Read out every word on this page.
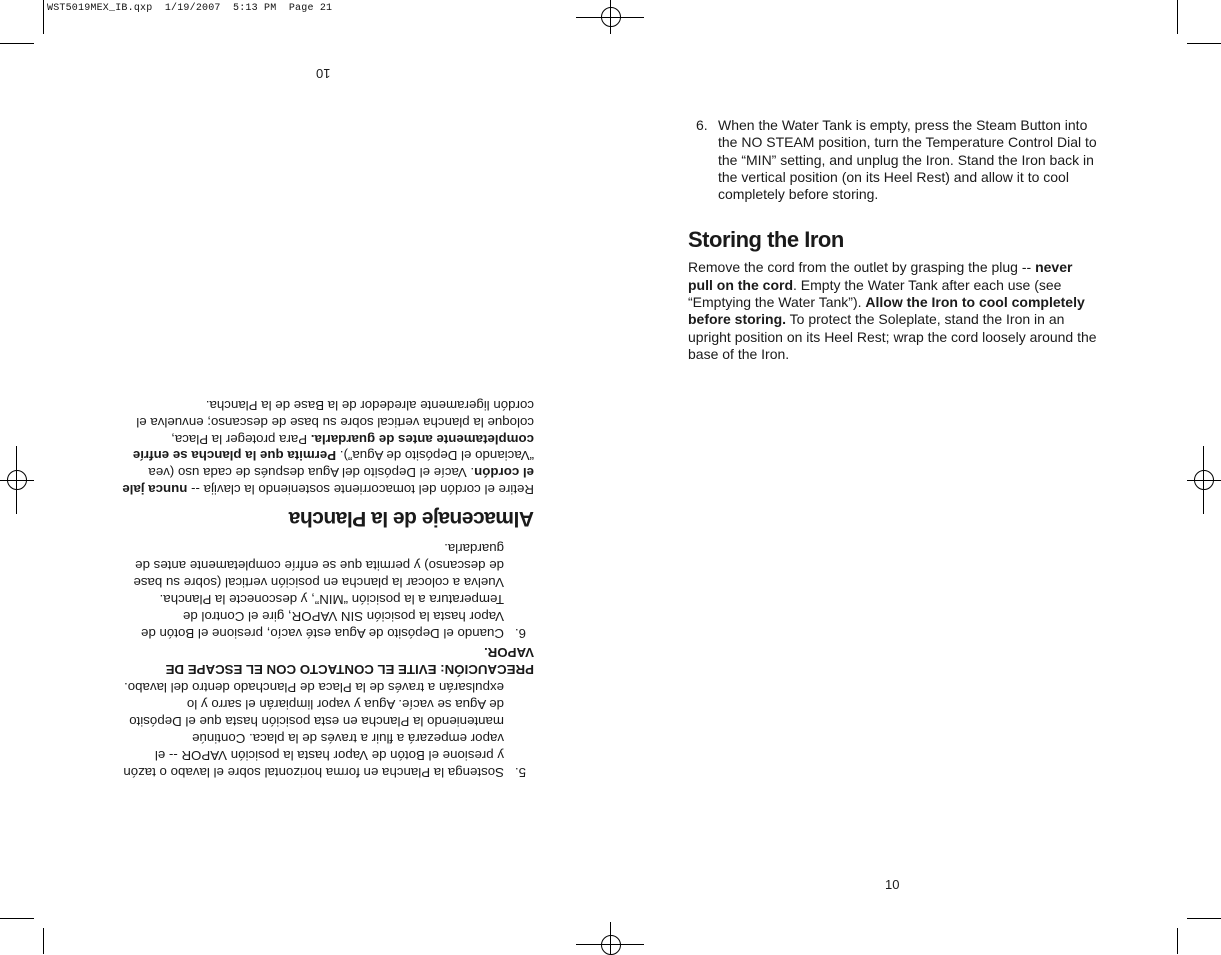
WST5019MEX_IB.qxp  1/19/2007  5:13 PM  Page 21
6. When the Water Tank is empty, press the Steam Button into the NO STEAM position, turn the Temperature Control Dial to the “MIN” setting, and unplug the Iron. Stand the Iron back in the vertical position (on its Heel Rest) and allow it to cool completely before storing.
Storing the Iron

Remove the cord from the outlet by grasping the plug -- never pull on the cord. Empty the Water Tank after each use (see “Emptying the Water Tank”). Allow the Iron to cool completely before storing. To protect the Soleplate, stand the Iron in an upright position on its Heel Rest; wrap the cord loosely around the base of the Iron.

10
10
5.
Sostenga la Plancha en forma horizontal sobre el lavabo o tazón y presione el Botón de Vapor hasta la posición VAPOR -- el vapor empezará a fluir a través de la placa. Continúe manteniendo la Plancha en esta posición hasta que el Depósito de Agua se vacíe. Agua y vapor limpiarán el sarro y lo expulsarán a través de la Placa de Planchado dentro del lavabo.
PRECAUCIÓN: EVITE EL CONTACTO CON EL ESCAPE DE VAPOR.
6.
Cuando el Depósito de Agua esté vacío, presione el Botón de Vapor hasta la posición SIN VAPOR, gire el Control de Temperatura a la posición “MIN”, y desconecte la Plancha. Vuelva a colocar la plancha en posición vertical (sobre su base de descanso) y permita que se enfríe completamente antes de guardarla.
Almacenaje de la Plancha

Retire el cordón del tomacorriente sosteniendo la clavija -- nunca jale el cordón. Vacíe el Depósito del Agua después de cada uso (vea “Vaciando el Depósito de Agua”). Permita que la plancha se enfríe completamente antes de guardarla. Para proteger la Placa, coloque la plancha vertical sobre su base de descanso; envuelva el cordón ligeramente alrededor de la Base de la Plancha.
